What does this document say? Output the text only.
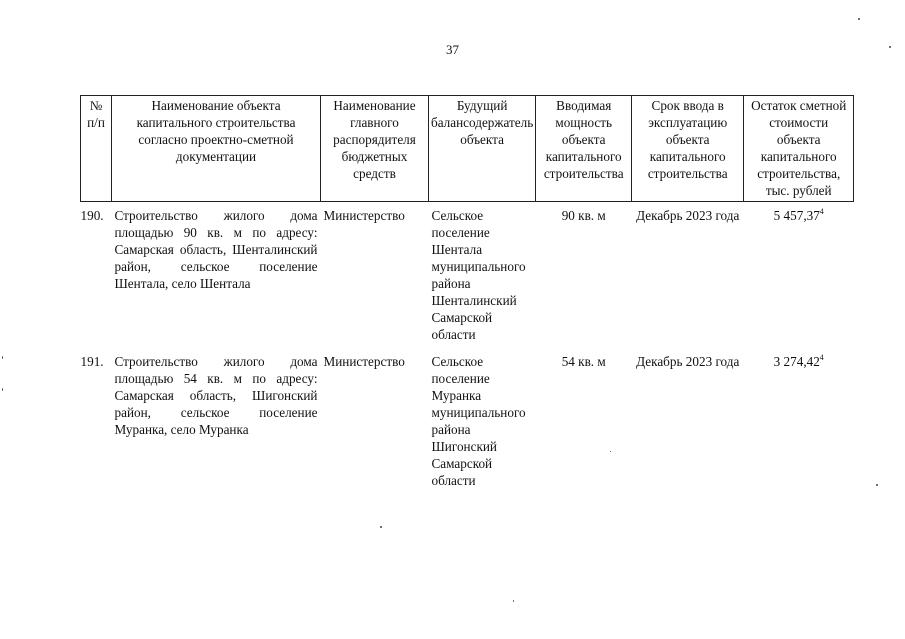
37
№ п/п	Наименование объекта капитального строительства согласно проектно-сметной документации	Наименование главного распорядителя бюджетных средств	Будущий балансодержатель объекта	Вводимая мощность объекта капитального строительства	Срок ввода в эксплуатацию объекта капитального строительства	Остаток сметной стоимости объекта капитального строительства, тыс. рублей
190.	Строительство жилого дома площадью 90 кв. м по адресу: Самарская область, Шенталинский район, сельское поселение Шентала, село Шентала	Министерство	Сельское поселение Шентала муниципального района Шенталинский Самарской области	90 кв. м	Декабрь 2023 года	5 457,37$^4$
191.	Строительство жилого дома площадью 54 кв. м по адресу: Самарская область, Шигонский район, сельское поселение Муранка, село Муранка	Министерство	Сельское поселение Муранка муниципального района Шигонский Самарской области	54 кв. м	Декабрь 2023 года	3 274,42$^4$
